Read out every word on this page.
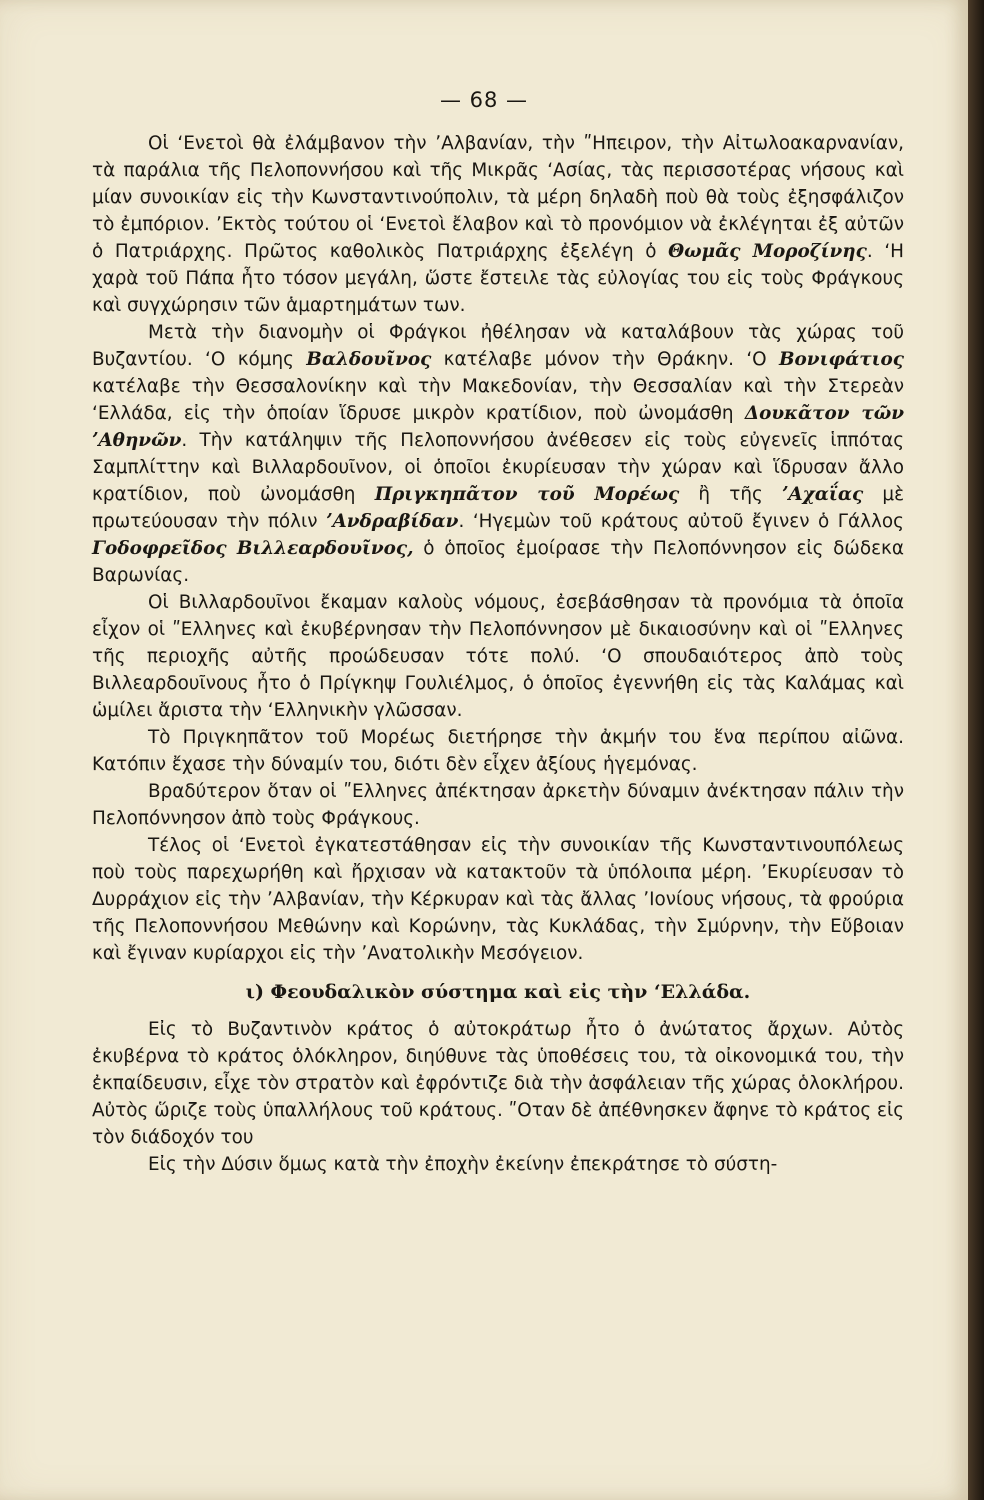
— 68 —

Οἱ ʻΕνετοὶ θὰ ἐλάμβανον τὴν ʼΑλβανίαν, τὴν ʺΗπειρον, τὴν Αἰτωλοακαρνανίαν, τὰ παράλια τῆς Πελοποννήσου καὶ τῆς Μικρᾶς ʻΑσίας, τὰς περισσοτέρας νήσους καὶ μίαν συνοικίαν εἰς τὴν Κωνσταντινούπολιν, τὰ μέρη δηλαδὴ ποὺ θὰ τοὺς ἐξησφάλιζον τὸ ἐμπόριον. ʼΕκτὸς τούτου οἱ ʻΕνετοὶ ἔλαβον καὶ τὸ προνόμιον νὰ ἐκλέγηται ἐξ αὐτῶν ὁ Πατριάρχης. Πρῶτος καθολικὸς Πατριάρχης ἐξελέγη ὁ Θωμᾶς Μοροζίνης. ʻΗ χαρὰ τοῦ Πάπα ἦτο τόσον μεγάλη, ὥστε ἔστειλε τὰς εὐλογίας του εἰς τοὺς Φράγκους καὶ συγχώρησιν τῶν ἁμαρτημάτων των.

Μετὰ τὴν διανομὴν οἱ Φράγκοι ἠθέλησαν νὰ καταλάβουν τὰς χώρας τοῦ Βυζαντίου. ʻΟ κόμης Βαλδουῖνος κατέλαβε μόνον τὴν Θράκην. ʻΟ Βονιφάτιος κατέλαβε τὴν Θεσσαλονίκην καὶ τὴν Μακεδονίαν, τὴν Θεσσαλίαν καὶ τὴν Στερεὰν ʻΕλλάδα, εἰς τὴν ὁποίαν ἵδρυσε μικρὸν κρατίδιον, ποὺ ὠνομάσθη Δουκᾶτον τῶν ʼΑθηνῶν. Τὴν κατάληψιν τῆς Πελοποννήσου ἀνέθεσεν εἰς τοὺς εὐγενεῖς ἱππότας Σαμπλίττην καὶ Βιλλαρδουῖνον, οἱ ὁποῖοι ἐκυρίευσαν τὴν χώραν καὶ ἵδρυσαν ἄλλο κρατίδιον, ποὺ ὠνομάσθη Πριγκηπᾶτον τοῦ Μορέως ἢ τῆς ʼΑχαΐας μὲ πρωτεύουσαν τὴν πόλιν ʼΑνδραβίδαν. ʻΗγεμὼν τοῦ κράτους αὐτοῦ ἔγινεν ὁ Γάλλος Γοδοφρεῖδος Βιλλεαρδουῖνος, ὁ ὁποῖος ἐμοίρασε τὴν Πελοπόννησον εἰς δώδεκα Βαρωνίας.

Οἱ Βιλλαρδουῖνοι ἔκαμαν καλοὺς νόμους, ἐσεβάσθησαν τὰ προνόμια τὰ ὁποῖα εἶχον οἱ ʺΕλληνες καὶ ἐκυβέρνησαν τὴν Πελοπόννησον μὲ δικαιοσύνην καὶ οἱ ʺΕλληνες τῆς περιοχῆς αὐτῆς προώδευσαν τότε πολύ. ʻΟ σπουδαιότερος ἀπὸ τοὺς Βιλλεαρδουῖνους ἦτο ὁ Πρίγκηψ Γουλιέλμος, ὁ ὁποῖος ἐγεννήθη εἰς τὰς Καλάμας καὶ ὡμίλει ἄριστα τὴν ʻΕλληνικὴν γλῶσσαν.

Τὸ Πριγκηπᾶτον τοῦ Μορέως διετήρησε τὴν ἀκμήν του ἕνα περίπου αἰῶνα. Κατόπιν ἔχασε τὴν δύναμίν του, διότι δὲν εἶχεν ἀξίους ἡγεμόνας.

Βραδύτερον ὅταν οἱ ʺΕλληνες ἀπέκτησαν ἀρκετὴν δύναμιν ἀνέκτησαν πάλιν τὴν Πελοπόννησον ἀπὸ τοὺς Φράγκους.

Τέλος οἱ ʻΕνετοὶ ἐγκατεστάθησαν εἰς τὴν συνοικίαν τῆς Κωνσταντινουπόλεως ποὺ τοὺς παρεχωρήθη καὶ ἤρχισαν νὰ κατακτοῦν τὰ ὑπόλοιπα μέρη. ʼΕκυρίευσαν τὸ Δυρράχιον εἰς τὴν ʼΑλβανίαν, τὴν Κέρκυραν καὶ τὰς ἄλλας ʼΙονίους νήσους, τὰ φρούρια τῆς Πελοποννήσου Μεθώνην καὶ Κορώνην, τὰς Κυκλάδας, τὴν Σμύρνην, τὴν Εὔβοιαν καὶ ἔγιναν κυρίαρχοι εἰς τὴν ʼΑνατολικὴν Μεσόγειον.

ι) Φεουδαλικὸν σύστημα καὶ εἰς τὴν ʻΕλλάδα.

Εἰς τὸ Βυζαντινὸν κράτος ὁ αὐτοκράτωρ ἦτο ὁ ἀνώτατος ἄρχων. Αὐτὸς ἐκυβέρνα τὸ κράτος ὁλόκληρον, διηύθυνε τὰς ὑποθέσεις του, τὰ οἰκονομικά του, τὴν ἐκπαίδευσιν, εἶχε τὸν στρατὸν καὶ ἐφρόντιζε διὰ τὴν ἀσφάλειαν τῆς χώρας ὁλοκλήρου. Αὐτὸς ὥριζε τοὺς ὑπαλλήλους τοῦ κράτους. ʺΟταν δὲ ἀπέθνησκεν ἄφηνε τὸ κράτος εἰς τὸν διάδοχόν του

Εἰς τὴν Δύσιν ὅμως κατὰ τὴν ἐποχὴν ἐκείνην ἐπεκράτησε τὸ σύστη-
